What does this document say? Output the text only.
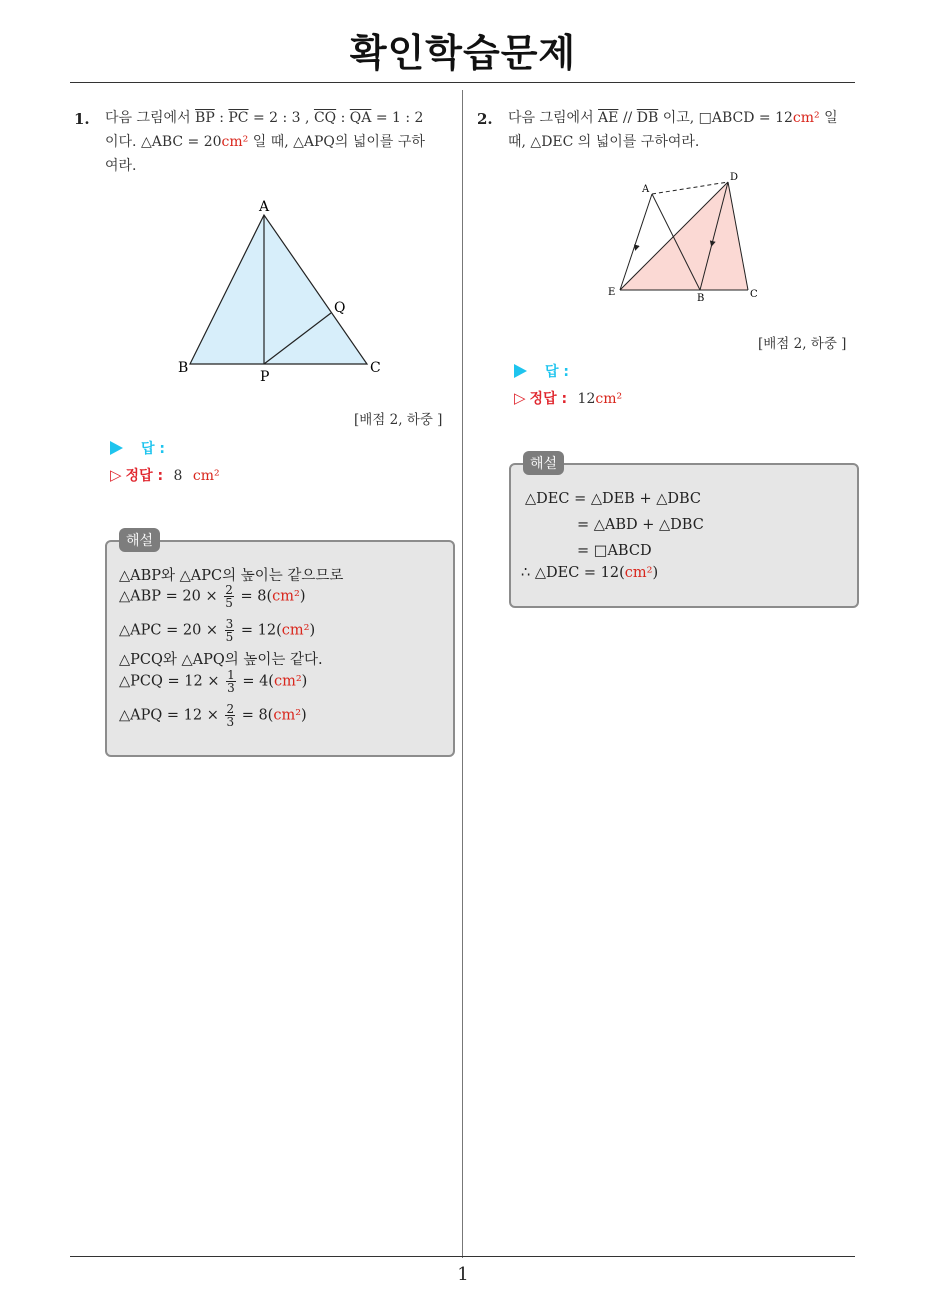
확인학습문제
1. 다음 그림에서 $\overline{BP}$ : $\overline{PC} = 2$ : 3 , $\overline{CQ}$ : $\overline{QA} = 1$ : 2
이다. △ABC = 20cm² 일 때, △APQ의 넓이를 구하
여라.
A
B	C
P
Q
[배점 2, 하중 ]
답 :
▷ 정답 : 8 cm²
△ABP와 △APC의 높이는 같으므로
△ABP = $20 \times \frac{2}{5} = 8(cm^2)$
△APC = $20 \times \frac{3}{5} = 12(cm^2)$
△PCQ와 △APQ의 높이는 같다.
△PCQ = $12 \times \frac{1}{3} = 4(cm^2)$
△APQ = $12 \times \frac{2}{3} = 8(cm^2)$
해설
2. 다음 그림에서 $\overline{AE} // \overline{DB}$ 이고, □ABCD = 12cm² 일
때, △DEC 의 넓이를 구하여라.
A
D
E
B	C
[배점 2, 하중 ]
답 :
▷ 정답 : 12cm²
△DEC = △DEB + △DBC
= △ABD + △DBC
= □ABCD
∴ △DEC = 12(cm²)
해설
1
